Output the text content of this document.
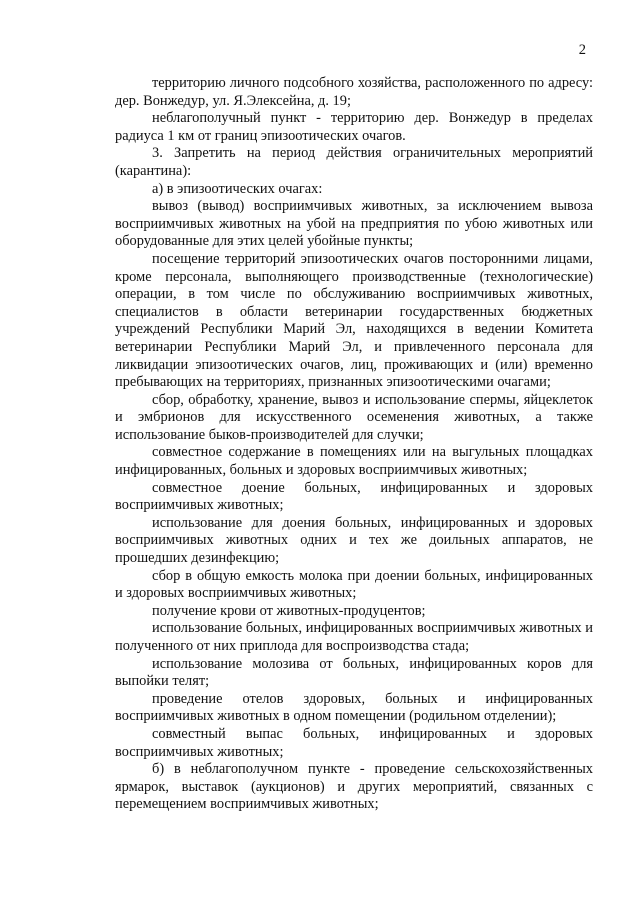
2

территорию личного подсобного хозяйства, расположенного по адресу: дер. Вонжедур, ул. Я.Элексейна, д. 19;

неблагополучный пункт - территорию дер. Вонжедур в пределах радиуса 1 км от границ эпизоотических очагов.

3. Запретить на период действия ограничительных мероприятий (карантина):

а) в эпизоотических очагах:

вывоз (вывод) восприимчивых животных, за исключением вывоза восприимчивых животных на убой на предприятия по убою животных или оборудованные для этих целей убойные пункты;

посещение территорий эпизоотических очагов посторонними лицами, кроме персонала, выполняющего производственные (технологические) операции, в том числе по обслуживанию восприимчивых животных, специалистов в области ветеринарии государственных бюджетных учреждений Республики Марий Эл, находящихся в ведении Комитета ветеринарии Республики Марий Эл, и привлеченного персонала для ликвидации эпизоотических очагов, лиц, проживающих и (или) временно пребывающих на территориях, признанных эпизоотическими очагами;

сбор, обработку, хранение, вывоз и использование спермы, яйцеклеток и эмбрионов для искусственного осеменения животных, а также использование быков-производителей для случки;

совместное содержание в помещениях или на выгульных площадках инфицированных, больных и здоровых восприимчивых животных;

совместное доение больных, инфицированных и здоровых восприимчивых животных;

использование для доения больных, инфицированных и здоровых восприимчивых животных одних и тех же доильных аппаратов, не прошедших дезинфекцию;

сбор в общую емкость молока при доении больных, инфицированных и здоровых восприимчивых животных;

получение крови от животных-продуцентов;

использование больных, инфицированных восприимчивых животных и полученного от них приплода для воспроизводства стада;

использование молозива от больных, инфицированных коров для выпойки телят;

проведение отелов здоровых, больных и инфицированных восприимчивых животных в одном помещении (родильном отделении);

совместный выпас больных, инфицированных и здоровых восприимчивых животных;

б) в неблагополучном пункте - проведение сельскохозяйственных ярмарок, выставок (аукционов) и других мероприятий, связанных с перемещением восприимчивых животных;
